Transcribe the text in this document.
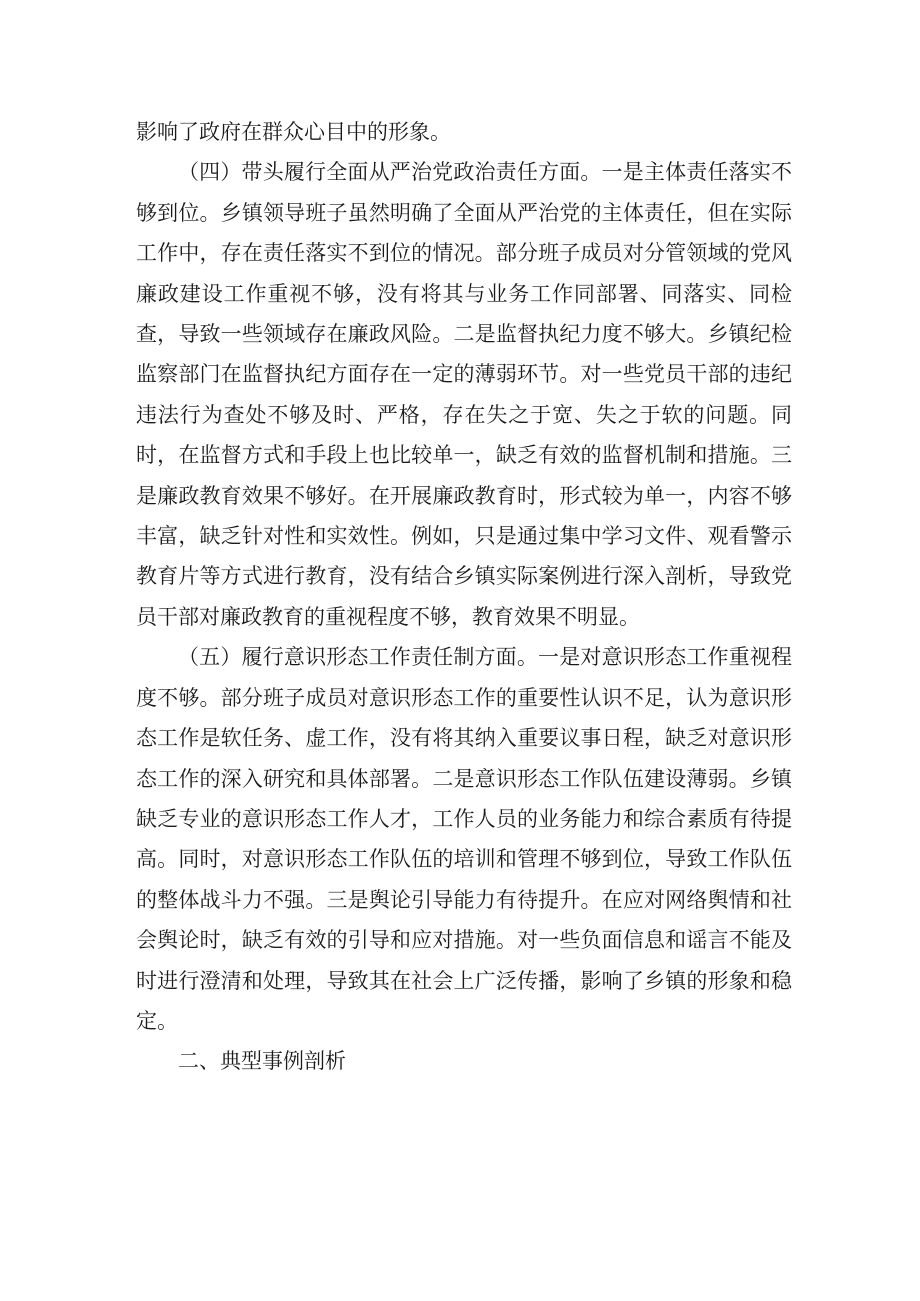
影响了政府在群众心目中的形象。

（四）带头履行全面从严治党政治责任方面。一是主体责任落实不够到位。乡镇领导班子虽然明确了全面从严治党的主体责任，但在实际工作中，存在责任落实不到位的情况。部分班子成员对分管领域的党风廉政建设工作重视不够，没有将其与业务工作同部署、同落实、同检查，导致一些领域存在廉政风险。二是监督执纪力度不够大。乡镇纪检监察部门在监督执纪方面存在一定的薄弱环节。对一些党员干部的违纪违法行为查处不够及时、严格，存在失之于宽、失之于软的问题。同时，在监督方式和手段上也比较单一，缺乏有效的监督机制和措施。三是廉政教育效果不够好。在开展廉政教育时，形式较为单一，内容不够丰富，缺乏针对性和实效性。例如，只是通过集中学习文件、观看警示教育片等方式进行教育，没有结合乡镇实际案例进行深入剖析，导致党员干部对廉政教育的重视程度不够，教育效果不明显。

（五）履行意识形态工作责任制方面。一是对意识形态工作重视程度不够。部分班子成员对意识形态工作的重要性认识不足，认为意识形态工作是软任务、虚工作，没有将其纳入重要议事日程，缺乏对意识形态工作的深入研究和具体部署。二是意识形态工作队伍建设薄弱。乡镇缺乏专业的意识形态工作人才，工作人员的业务能力和综合素质有待提高。同时，对意识形态工作队伍的培训和管理不够到位，导致工作队伍的整体战斗力不强。三是舆论引导能力有待提升。在应对网络舆情和社会舆论时，缺乏有效的引导和应对措施。对一些负面信息和谣言不能及时进行澄清和处理，导致其在社会上广泛传播，影响了乡镇的形象和稳定。

二、典型事例剖析
